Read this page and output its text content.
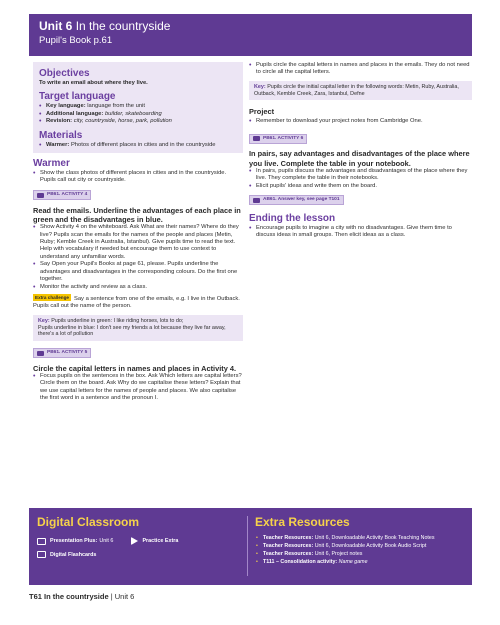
Unit 6 In the countryside
Pupil's Book p.61
Objectives
To write an email about where they live.
Target language
• Key language: language from the unit
• Additional language: builder, skateboarding
• Revision: city, countryside, horse, park, pollution
Materials
• Warmer: Photos of different places in cities and in the countryside
Warmer
• Show the class photos of different places in cities and in the countryside. Pupils call out city or countryside.
PB61. ACTIVITY 4
Read the emails. Underline the advantages of each place in green and the disadvantages in blue.
• Show Activity 4 on the whiteboard. Ask What are their names? Where do they live? Pupils scan the emails for the names of the people and places (Metin, Ruby; Kemble Creek in Australia, Istanbul). Give pupils time to read the text. Help with vocabulary if needed but encourage them to use context to understand any unfamiliar words.
• Say Open your Pupil's Books at page 61, please. Pupils underline the advantages and disadvantages in the corresponding colours. Do the first one together.
• Monitor the activity and review as a class.
Extra challenge Say a sentence from one of the emails, e.g. I live in the Outback. Pupils call out the name of the person.
Key: Pupils underline in green: I like riding horses, lots to do;
Pupils underline in blue: I don't see my friends a lot because they live far away, there's a lot of pollution
PB61. ACTIVITY 5
Circle the capital letters in names and places in Activity 4.
• Focus pupils on the sentences in the box. Ask Which letters are capital letters? Circle them on the board. Ask Why do we capitalise these letters? Explain that we use capital letters for the names of people and places. We also capitalise the first word in a sentence and the pronoun I.
• Pupils circle the capital letters in names and places in the emails. They do not need to circle all the capital letters.
Key: Pupils circle the initial capital letter in the following words: Metin, Ruby, Australia, Outback, Kemble Creek, Zara, Istanbul, Defne
Project
• Remember to download your project notes from Cambridge One.
PB61. ACTIVITY 6
In pairs, say advantages and disadvantages of the place where you live. Complete the table in your notebook.
• In pairs, pupils discuss the advantages and disadvantages of the place where they live. They complete the table in their notebooks.
• Elicit pupils' ideas and write them on the board.
AB61. Answer key, see page T101
Ending the lesson
• Encourage pupils to imagine a city with no disadvantages. Give them time to discuss ideas in small groups. Then elicit ideas as a class.
Digital Classroom
Presentation Plus: Unit 6	Practice Extra
Digital Flashcards
Extra Resources
• Teacher Resources: Unit 6, Downloadable Activity Book Teaching Notes
• Teacher Resources: Unit 6, Downloadable Activity Book Audio Script
• Teacher Resources: Unit 6, Project notes
• T111 – Consolidation activity: Name game
T61 In the countryside | Unit 6
